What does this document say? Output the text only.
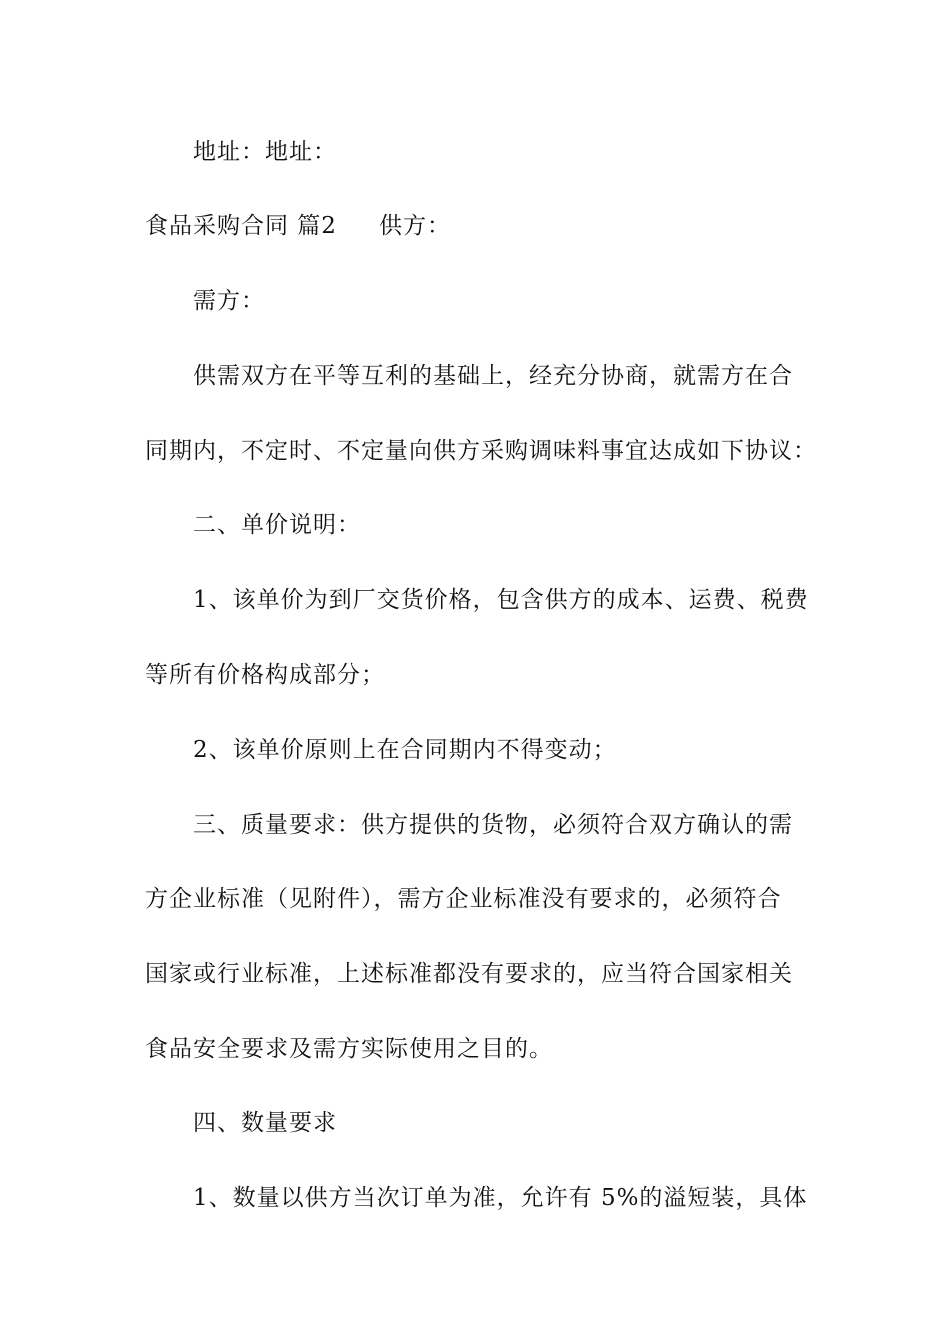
地址：地址：
食品采购合同 篇2 供方：
需方：
供需双方在平等互利的基础上，经充分协商，就需方在合
同期内，不定时、不定量向供方采购调味料事宜达成如下协议：
二、单价说明：
1、该单价为到厂交货价格，包含供方的成本、运费、税费
等所有价格构成部分；
2、该单价原则上在合同期内不得变动；
三、质量要求：供方提供的货物，必须符合双方确认的需
方企业标准（见附件），需方企业标准没有要求的，必须符合
国家或行业标准，上述标准都没有要求的，应当符合国家相关
食品安全要求及需方实际使用之目的。
四、数量要求
1、数量以供方当次订单为准，允许有 5%的溢短装，具体
